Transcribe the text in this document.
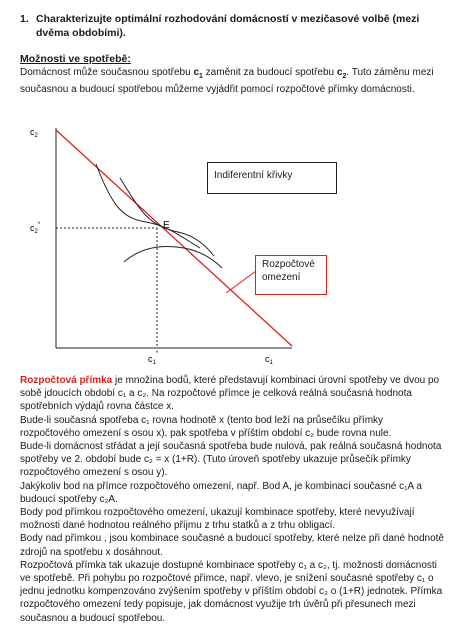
1. Charakterizujte optimální rozhodování domácností v mezičasové volbě (mezi dvěma obdobími).
Možnosti ve spotřebě:

Domácnost může současnou spotřebu $c_1$ zaměnit za budoucí spotřebu $c_2$. Tuto záměnu mezi současnou a budoucí spotřebou můžeme vyjádřit pomocí rozpočtové přímky domácnosti.

$c_2$
$c_2^*$
$c_1^*$	$c_1$
E
Indiferentní křivky
Rozpočtové
omezení

Rozpočtová přímka je množina bodů, které představují kombinaci úrovní spotřeby ve dvou po sobě jdoucích období c₁ a c₂. Na rozpočtové přímce je celková reálná současná hodnota spotřebních výdajů rovna částce x.

Bude-li současná spotřeba c₁ rovna hodnotě x (tento bod leží na průsečíku přímky rozpočtového omezení s osou x), pak spotřeba v příštím období c₂ bude rovna nule.

Bude-li domácnost střádat a její současná spotřeba bude nulová, pak reálná současná hodnota spotřeby ve 2. období bude c₂ = x (1+R). (Tuto úroveň spotřeby ukazuje průsečík přímky rozpočtového omezení s osou y).

Jakýkoliv bod na přímce rozpočtového omezení, např. Bod A, je kombinací současné c₁A a budoucí spotřeby c₂A.

Body pod přímkou rozpočtového omezení, ukazují kombinace spotřeby, které nevyužívají možnosti dané hodnotou reálného příjmu z trhu statků a z trhu obligací.

Body nad přímkou , jsou kombinace současné a budoucí spotřeby, které nelze při dané hodnotě zdrojů na spotřebu x dosáhnout.

Rozpočtová přímka tak ukazuje dostupné kombinace spotřeby c₁ a c₂, tj. možnosti domácnosti ve spotřebě. Při pohybu po rozpočtové přímce, např. vlevo, je snížení současné spotřeby c₁ o jednu jednotku kompenzováno zvýšením spotřeby v příštím období c₂ o (1+R) jednotek. Přímka rozpočtového omezení tedy popisuje, jak domácnost využije trh úvěrů při přesunech mezi současnou a budoucí spotřebou.
